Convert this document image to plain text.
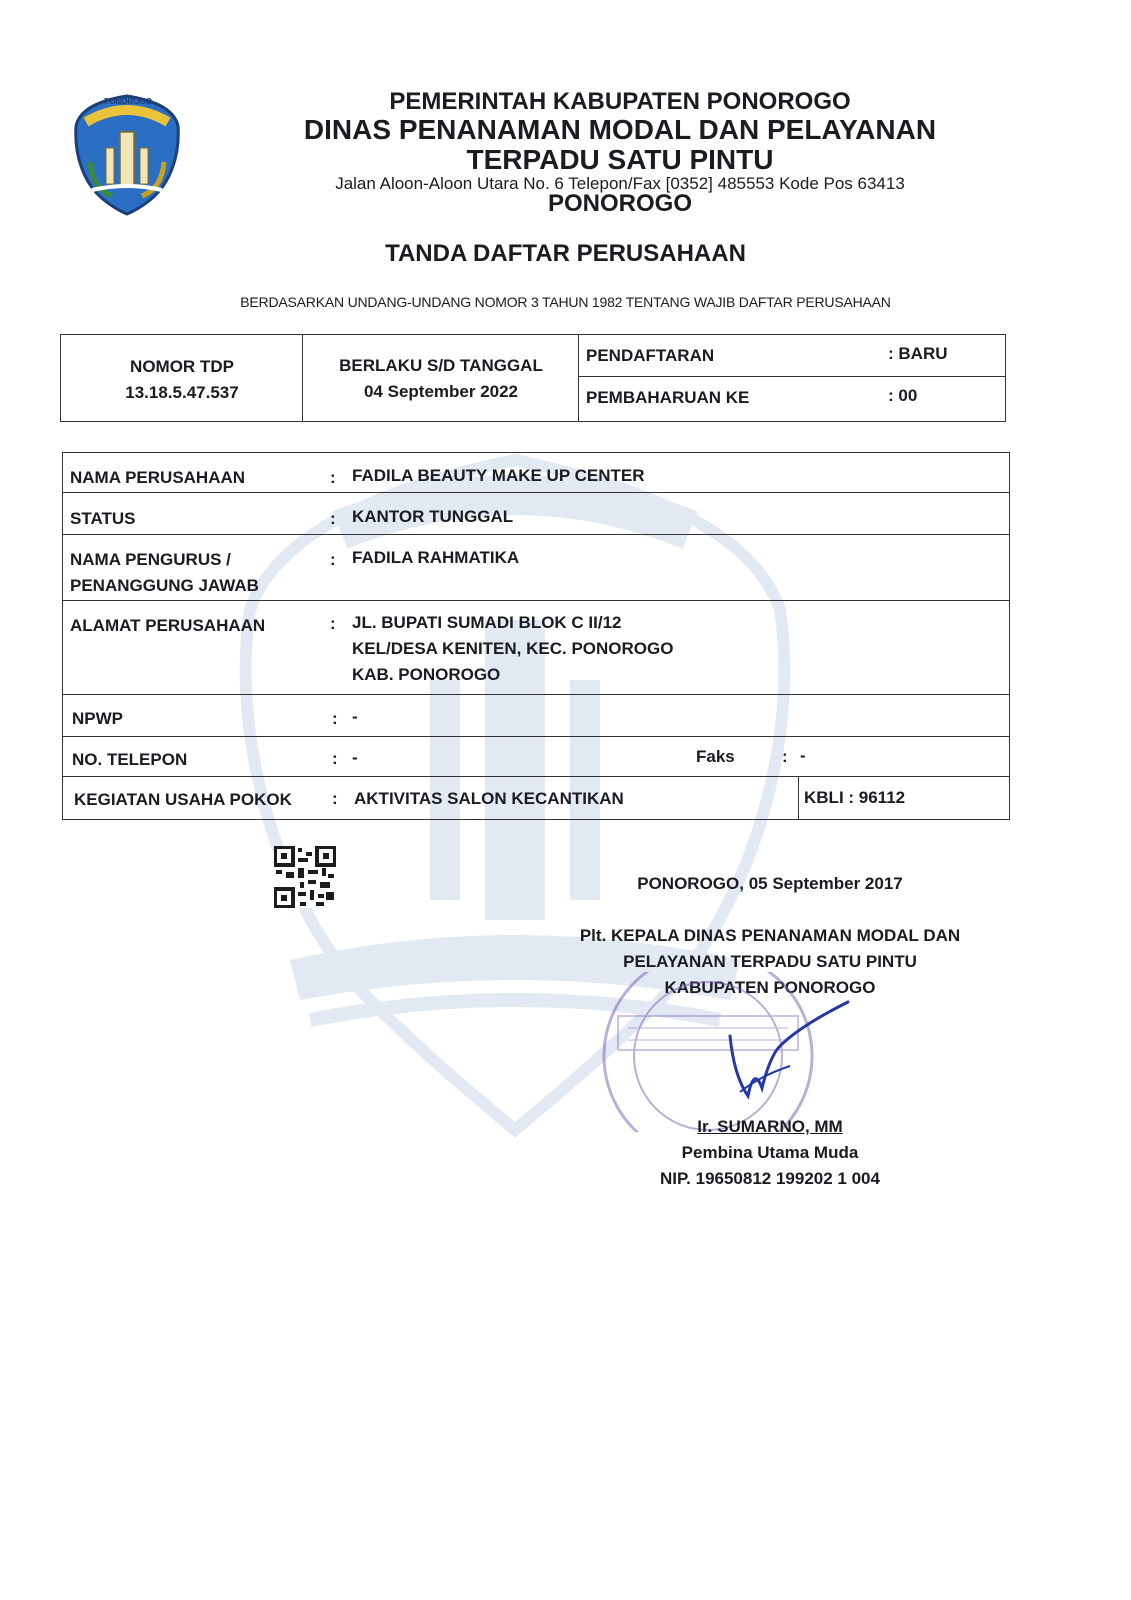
PONOROGO	PEMERINTAH KABUPATEN PONOROGO
DINAS PENANAMAN MODAL DAN PELAYANAN
TERPADU SATU PINTU
Jalan Aloon-Aloon Utara No. 6 Telepon/Fax [0352] 485553 Kode Pos 63413
PONOROGO
TANDA DAFTAR PERUSAHAAN
BERDASARKAN UNDANG-UNDANG NOMOR 3 TAHUN 1982 TENTANG WAJIB DAFTAR PERUSAHAAN
NOMOR TDP
13.18.5.47.537
BERLAKU S/D TANGGAL
04 September 2022
PENDAFTARAN	: BARU
PEMBAHARUAN KE	: 00
NAMA PERUSAHAAN	: FADILA BEAUTY MAKE UP CENTER
STATUS	: KANTOR TUNGGAL
NAMA PENGURUS /
PENANGGUNG JAWAB
: FADILA RAHMATIKA
ALAMAT PERUSAHAAN	: JL. BUPATI SUMADI BLOK C II/12
KEL/DESA KENITEN, KEC. PONOROGO
KAB. PONOROGO
NPWP	: -
NO. TELEPON	: -	Faks	: -
KEGIATAN USAHA POKOK : AKTIVITAS SALON KECANTIKAN	KBLI : 96112
PONOROGO, 05 September 2017
Plt. KEPALA DINAS PENANAMAN MODAL DAN
PELAYANAN TERPADU SATU PINTU
KABUPATEN PONOROGO
Ir. SUMARNO, MM
Pembina Utama Muda
NIP. 19650812 199202 1 004
